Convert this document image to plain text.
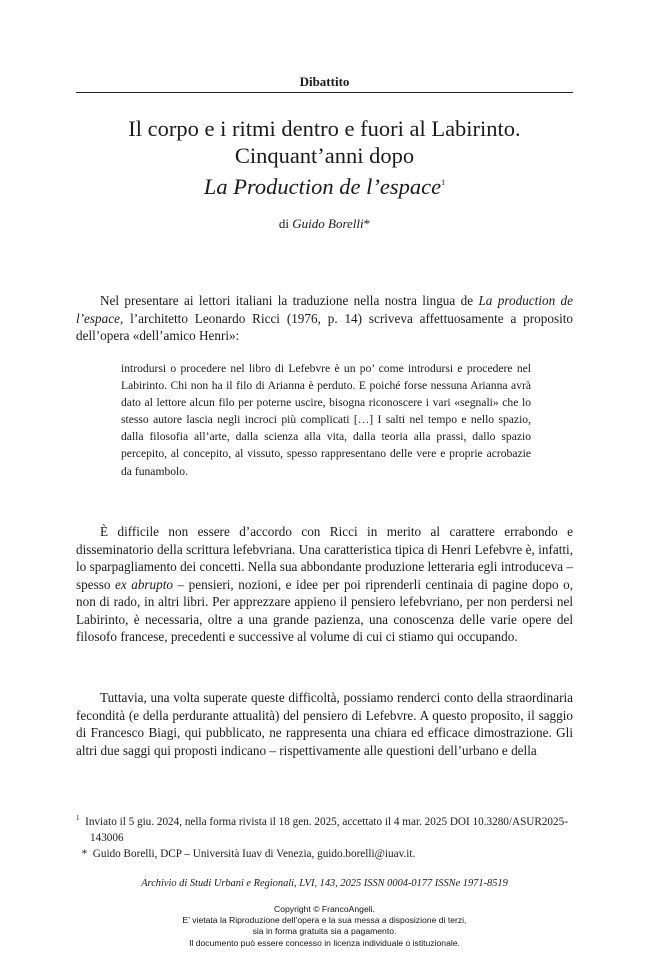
Dibattito
Il corpo e i ritmi dentro e fuori al Labirinto.
Cinquant’anni dopo
La Production de l’espace$^1$
di Guido Borelli*

Nel presentare ai lettori italiani la traduzione nella nostra lingua de La production de l’espace, l’architetto Leonardo Ricci (1976, p. 14) scriveva affettuosamente a proposito dell’opera «dell’amico Henri»:

introdursi o procedere nel libro di Lefebvre è un po’ come introdursi e procedere nel Labirinto. Chi non ha il filo di Arianna è perduto. E poiché forse nessuna Arianna avrà dato al lettore alcun filo per poterne uscire, bisogna riconoscere i vari «segnali» che lo stesso autore lascia negli incroci più complicati […] I salti nel tempo e nello spazio, dalla filosofia all’arte, dalla scienza alla vita, dalla teoria alla prassi, dallo spazio percepito, al concepito, al vissuto, spesso rappresentano delle vere e proprie acrobazie da funambolo.

È difficile non essere d’accordo con Ricci in merito al carattere errabondo e disseminatorio della scrittura lefebvriana. Una caratteristica tipica di Henri Lefebvre è, infatti, lo sparpagliamento dei concetti. Nella sua abbondante produzione letteraria egli introduceva – spesso ex abrupto – pensieri, nozioni, e idee per poi riprenderli centinaia di pagine dopo o, non di rado, in altri libri. Per apprezzare appieno il pensiero lefebvriano, per non perdersi nel Labirinto, è necessaria, oltre a una grande pazienza, una conoscenza delle varie opere del filosofo francese, precedenti e successive al volume di cui ci stiamo qui occupando.

Tuttavia, una volta superate queste difficoltà, possiamo renderci conto della straordinaria fecondità (e della perdurante attualità) del pensiero di Lefebvre. A questo proposito, il saggio di Francesco Biagi, qui pubblicato, ne rappresenta una chiara ed efficace dimostrazione. Gli altri due saggi qui proposti indicano – rispettivamente alle questioni dell’urbano e della

$^1$ Inviato il 5 giu. 2024, nella forma rivista il 18 gen. 2025, accettato il 4 mar. 2025 DOI 10.3280/ASUR2025-143006
* Guido Borelli, DCP – Università Iuav di Venezia, guido.borelli@iuav.it.
Archivio di Studi Urbani e Regionali, LVI, 143, 2025 ISSN 0004-0177 ISSNe 1971-8519
Copyright © FrancoAngeli.
E’ vietata la Riproduzione dell’opera e la sua messa a disposizione di terzi,
sia in forma gratuita sia a pagamento.
Il documento può essere concesso in licenza individuale o istituzionale.
